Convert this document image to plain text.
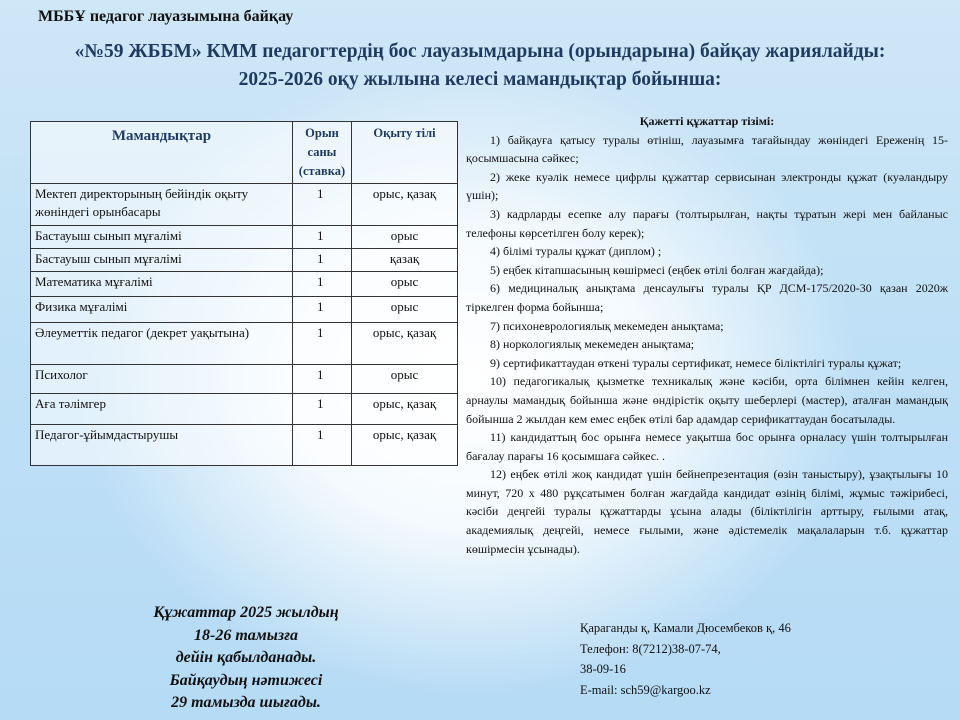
МББҰ педагог лауазымына байқау
«№59 ЖББМ» КММ педагогтердің бос лауазымдарына (орындарына) байқау жариялайды:
2025-2026 оқу жылына келесі мамандықтар бойынша:
Мамандықтар	Орын саны (ставка)	Оқыту тілі
Мектеп директорының бейіндік оқыту жөніндегі орынбасары	1	орыс, қазақ
Бастауыш сынып мұғалімі	1	орыс
Бастауыш сынып мұғалімі	1	қазақ
Математика мұғалімі	1	орыс
Физика мұғалімі	1	орыс
Әлеуметтік педагог (декрет уақытына)	1	орыс, қазақ
Психолог	1	орыс
Аға тәлімгер	1	орыс, қазақ
Педагог-ұйымдастырушы	1	орыс, қазақ
Қажетті құжаттар тізімі:

1) байқауға қатысу туралы өтініш, лауазымға тағайындау жөніндегі Ереженің 15-қосымшасына сәйкес;

2) жеке куәлік немесе цифрлы құжаттар сервисынан электронды құжат (куәландыру үшін);

3) кадрларды есепке алу парағы (толтырылған, нақты тұратын жері мен байланыс телефоны көрсетілген болу керек);

4) білімі туралы құжат (диплом) ;

5) еңбек кітапшасының көшірмесі (еңбек өтілі болған жағдайда);

6) медициналық анықтама денсаулығы туралы ҚР ДСМ-175/2020-30 қазан 2020ж тіркелген форма бойынша;

7) психоневрологиялық мекемеден анықтама;

8) норкологиялық мекемеден анықтама;

9) сертификаттаудан өткені туралы сертификат, немесе біліктілігі туралы құжат;

10) педагогикалық қызметке техникалық және кәсіби, орта білімнен кейін келген, арнаулы мамандық бойынша және өндірістік оқыту шеберлері (мастер), аталған мамандық бойынша 2 жылдан кем емес еңбек өтілі бар адамдар серификаттаудан босатылады.

11) кандидаттың бос орынға немесе уақытша бос орынға орналасу үшін толтырылған бағалау парағы 16 қосымшаға сәйкес. .

12) еңбек өтілі жоқ кандидат үшін бейнепрезентация (өзін таныстыру), ұзақтылығы 10 минут, 720 х 480 рұқсатымен болған жағдайда кандидат өзінің білімі, жұмыс тәжірибесі, кәсіби деңгейі туралы құжаттарды ұсына алады (біліктілігін арттыру, ғылыми атақ, академиялық деңгейі, немесе ғылыми, және әдістемелік мақалаларын т.б. құжаттар көшірмесін ұсынады).

Құжаттар 2025 жылдың
18-26 тамызға
дейін қабылданады.
Байқаудың нәтижесі
29 тамызда шығады.
Қараганды қ, Камали Дюсембеков қ, 46
Телефон: 8(7212)38-07-74,
38-09-16
E-mail: sch59@kargoo.kz
